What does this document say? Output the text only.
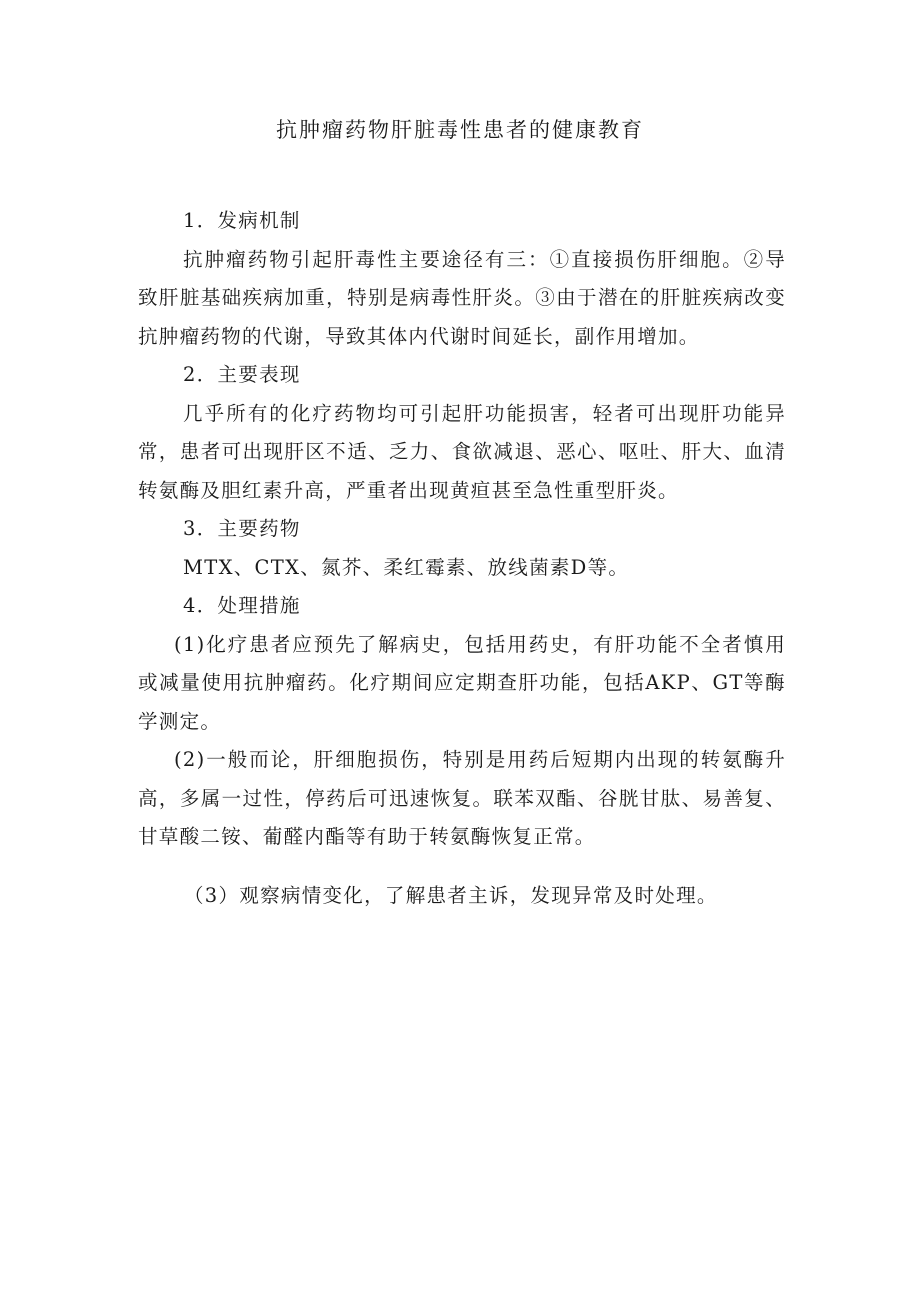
抗肿瘤药物肝脏毒性患者的健康教育

1．发病机制

抗肿瘤药物引起肝毒性主要途径有三：①直接损伤肝细胞。②导致肝脏基础疾病加重，特别是病毒性肝炎。③由于潜在的肝脏疾病改变抗肿瘤药物的代谢，导致其体内代谢时间延长，副作用增加。

2．主要表现

几乎所有的化疗药物均可引起肝功能损害，轻者可出现肝功能异常，患者可出现肝区不适、乏力、食欲减退、恶心、呕吐、肝大、血清转氨酶及胆红素升高，严重者出现黄疸甚至急性重型肝炎。

3．主要药物

MTX、CTX、氮芥、柔红霉素、放线菌素D等。

4．处理措施

(1)化疗患者应预先了解病史，包括用药史，有肝功能不全者慎用或减量使用抗肿瘤药。化疗期间应定期查肝功能，包括AKP、GT等酶学测定。

(2)一般而论，肝细胞损伤，特别是用药后短期内出现的转氨酶升高，多属一过性，停药后可迅速恢复。联苯双酯、谷胱甘肽、易善复、甘草酸二铵、葡醛内酯等有助于转氨酶恢复正常。

（3）观察病情变化，了解患者主诉，发现异常及时处理。
